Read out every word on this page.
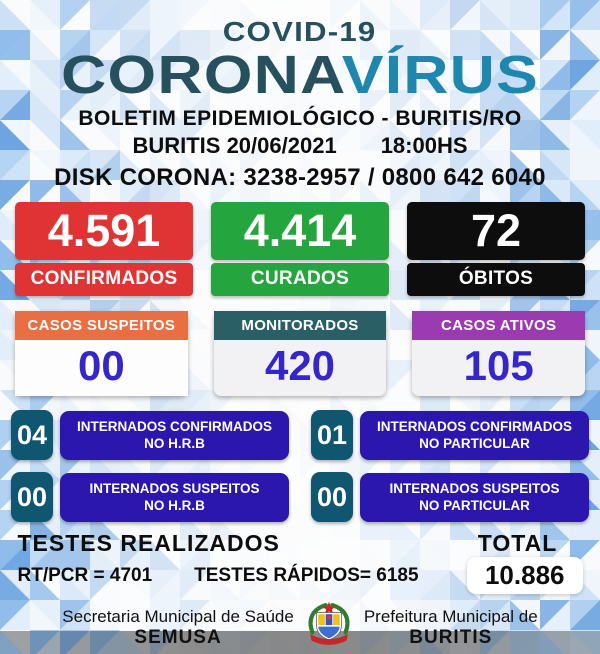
COVID-19
CORONAVÍRUS
BOLETIM EPIDEMIOLÓGICO - BURITIS/RO
BURITIS 20/06/2021 18:00HS
DISK CORONA: 3238-2957 / 0800 642 6040
4.591
CONFIRMADOS
4.414
CURADOS
72
ÓBITOS
CASOS SUSPEITOS
00
MONITORADOS
420
CASOS ATIVOS
105
04	INTERNADOS CONFIRMADOS
NO H.R.B	01	INTERNADOS CONFIRMADOS
NO PARTICULAR
00	INTERNADOS SUSPEITOS
NO H.R.B	00	INTERNADOS SUSPEITOS
NO PARTICULAR
TESTES REALIZADOS	TOTAL
RT/PCR = 4701 TESTES RÁPIDOS= 6185	10.886
Secretaria Municipal de Saúde
SEMUSA
Prefeitura Municipal de
BURITIS
